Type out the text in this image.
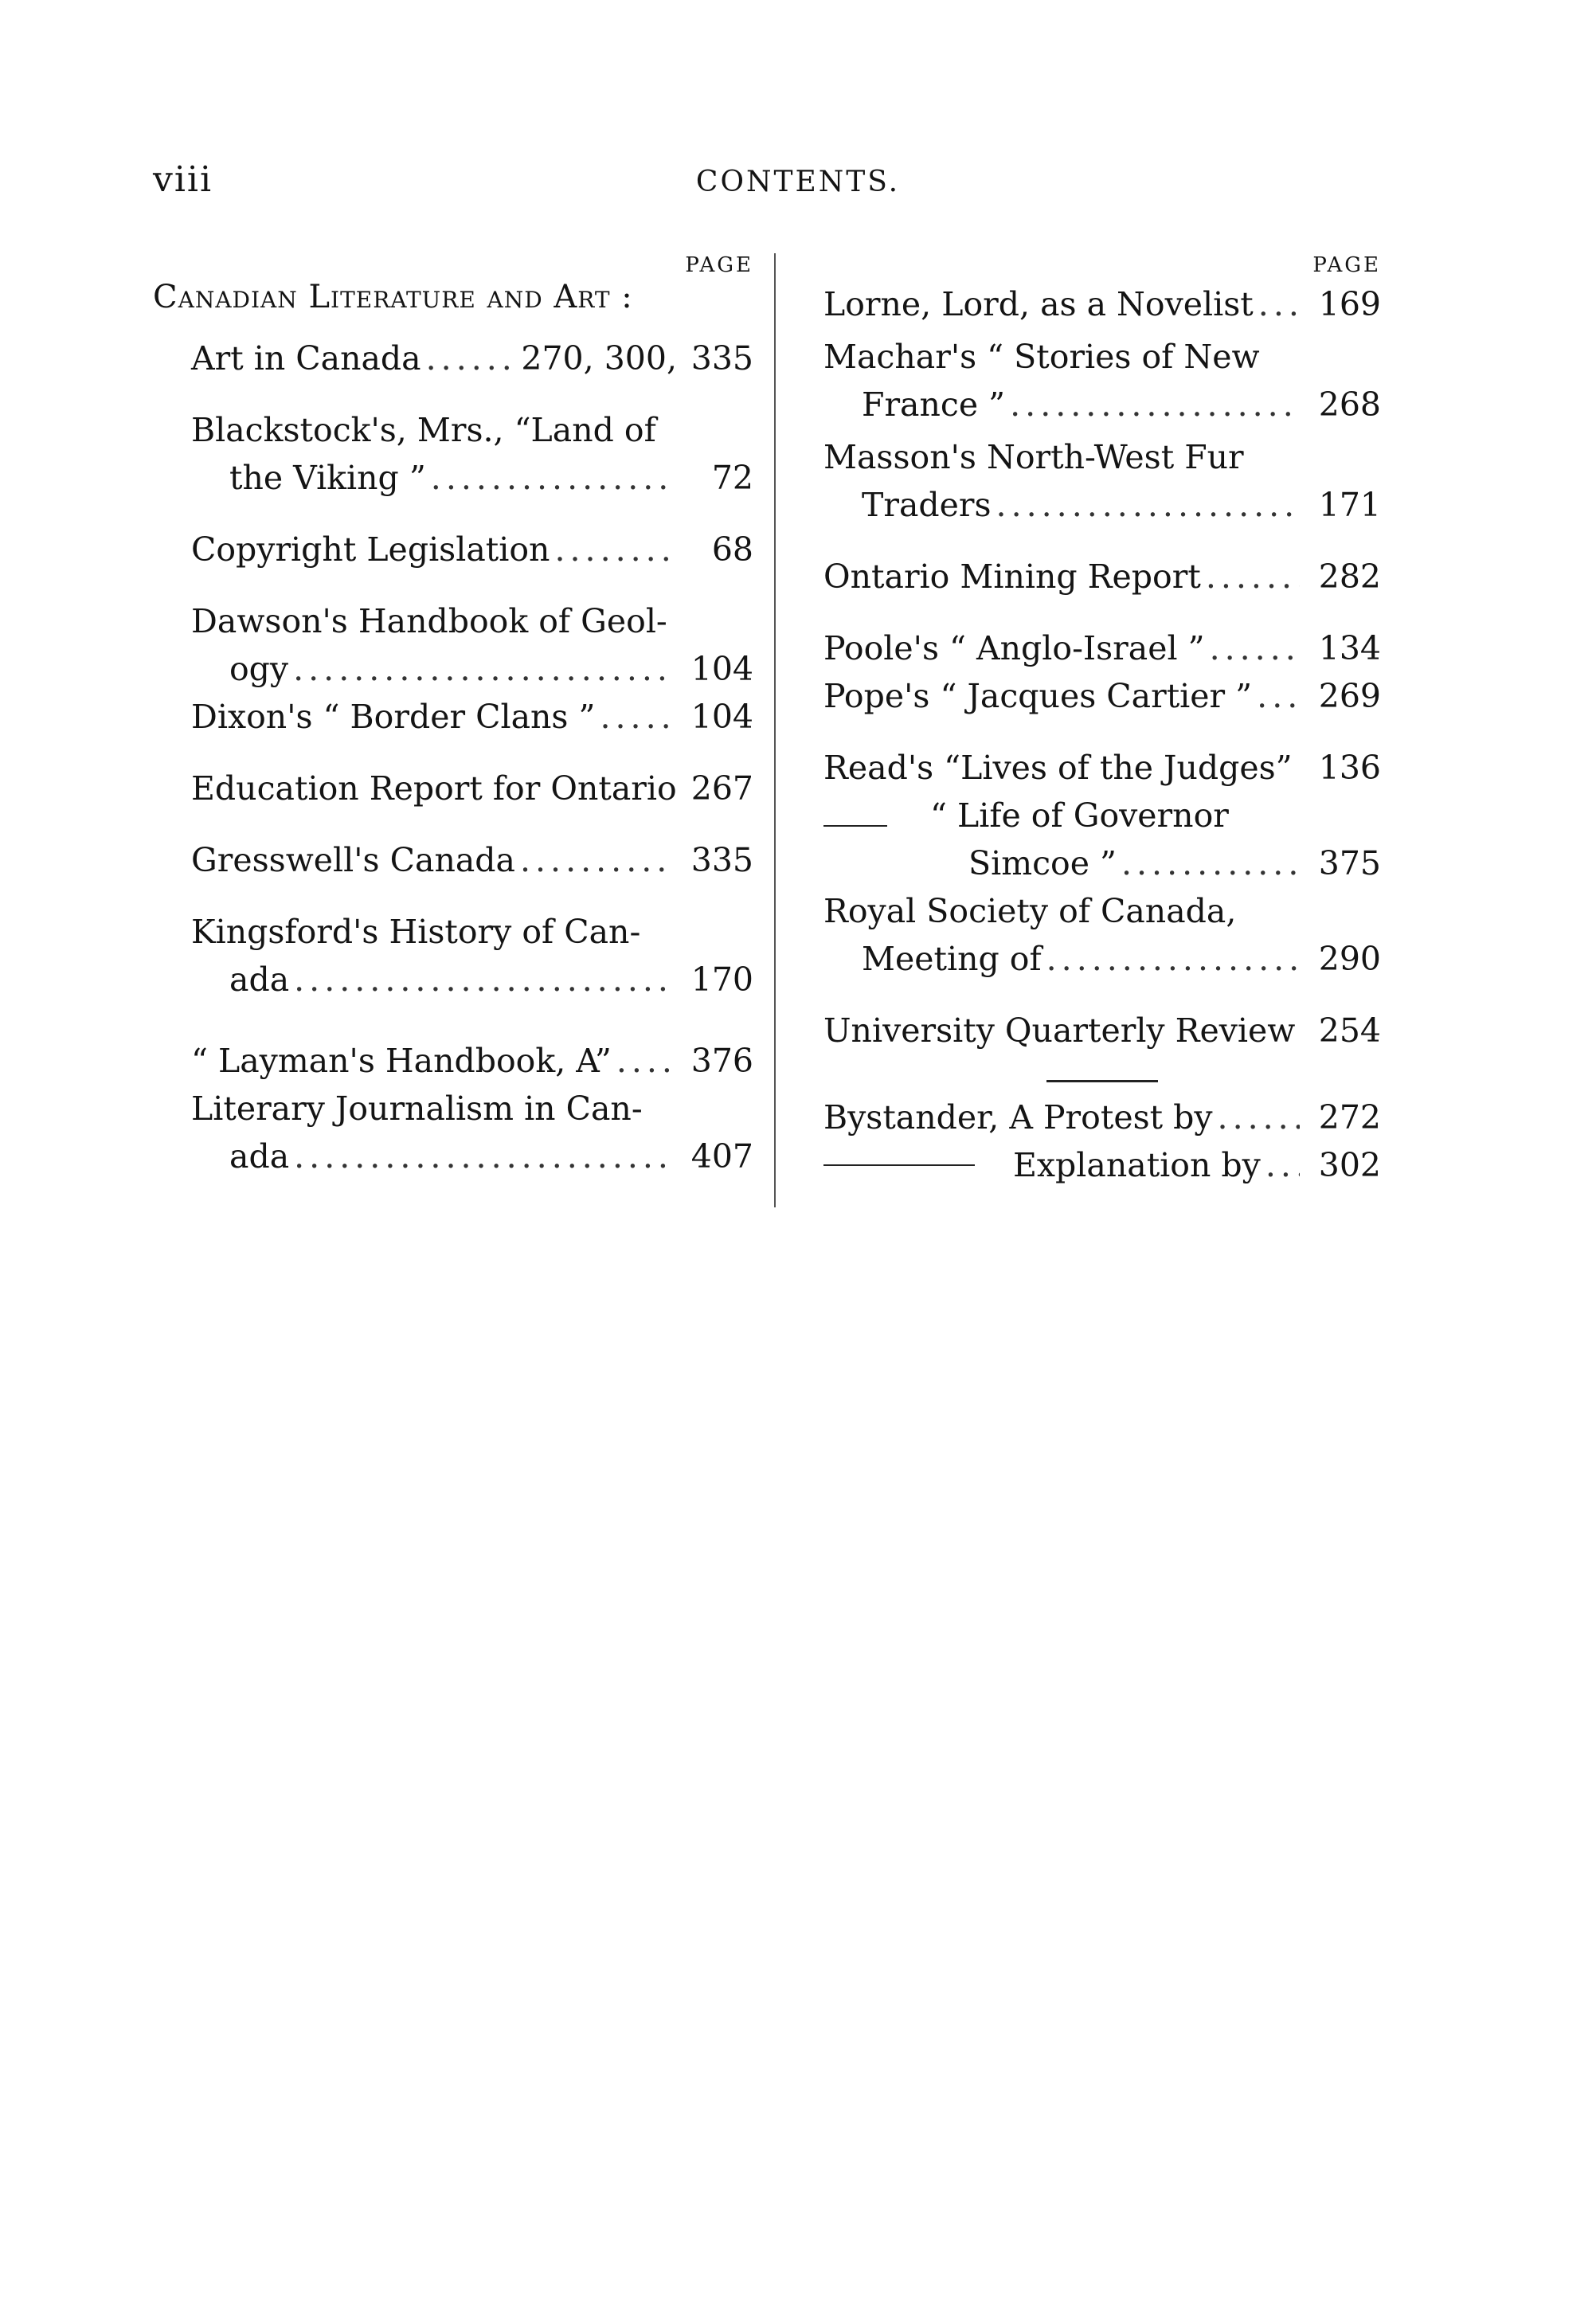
viii	CONTENTS.
PAGE
Canadian Literature and Art :
Art in Canada .....	270, 300, 335
Blackstock's, Mrs., “Land of
the Viking ” .....	72
Copyright Legislation .....	68
Dawson's Handbook of Geol-
ogy .....	104
Dixon's “ Border Clans ” .....	104
Education Report for Ontario 267
Gresswell's Canada .....	335
Kingsford's History of Can-
ada .....	170
“ Layman's Handbook, A” ..... 376
Literary Journalism in Can-
ada .....	407
PAGE
Lorne, Lord, as a Novelist ..... 169
Machar's “ Stories of New
France ” .....	268
Masson's North-West Fur
Traders .....	171
Ontario Mining Report .....	282
Poole's “ Anglo-Israel ” .....	134
Pope's “ Jacques Cartier ” ..... 269
Read's “Lives of the Judges” 136
“ Life of Governor
Simcoe ” .....	375
Royal Society of Canada,
Meeting of .....	290
University Quarterly Review 254
Bystander, A Protest by .....	272
Explanation by ..... 302
